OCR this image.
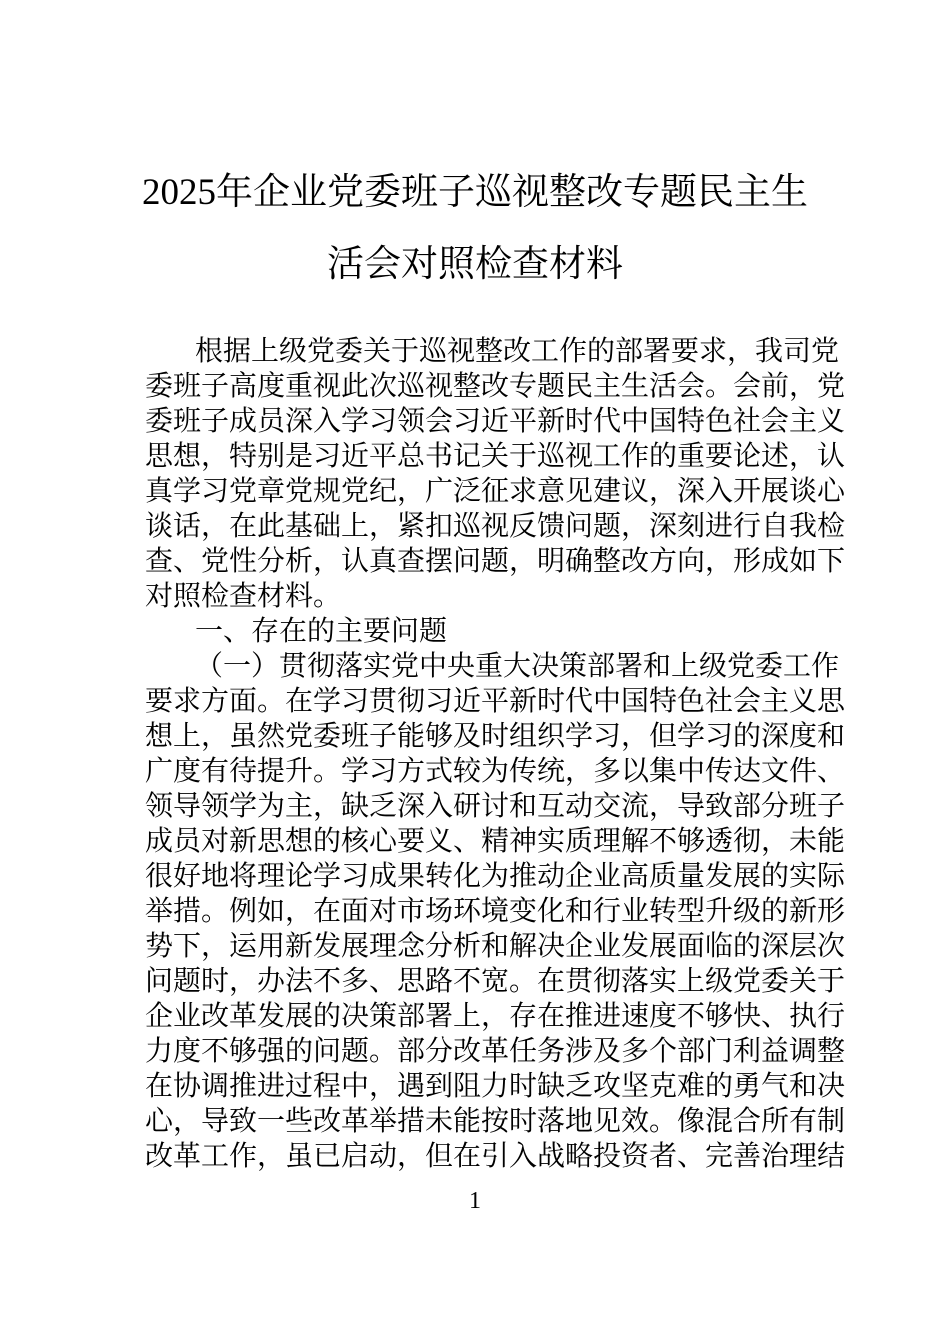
2025年企业党委班子巡视整改专题民主生
活会对照检查材料
根据上级党委关于巡视整改工作的部署要求，我司党
委班子高度重视此次巡视整改专题民主生活会。会前，党
委班子成员深入学习领会习近平新时代中国特色社会主义
思想，特别是习近平总书记关于巡视工作的重要论述，认
真学习党章党规党纪，广泛征求意见建议，深入开展谈心
谈话，在此基础上，紧扣巡视反馈问题，深刻进行自我检
查、党性分析，认真查摆问题，明确整改方向，形成如下
对照检查材料。
一、存在的主要问题
（一）贯彻落实党中央重大决策部署和上级党委工作
要求方面。在学习贯彻习近平新时代中国特色社会主义思
想上，虽然党委班子能够及时组织学习，但学习的深度和
广度有待提升。学习方式较为传统，多以集中传达文件、
领导领学为主，缺乏深入研讨和互动交流，导致部分班子
成员对新思想的核心要义、精神实质理解不够透彻，未能
很好地将理论学习成果转化为推动企业高质量发展的实际
举措。例如，在面对市场环境变化和行业转型升级的新形
势下，运用新发展理念分析和解决企业发展面临的深层次
问题时，办法不多、思路不宽。在贯彻落实上级党委关于
企业改革发展的决策部署上，存在推进速度不够快、执行
力度不够强的问题。部分改革任务涉及多个部门利益调整
在协调推进过程中，遇到阻力时缺乏攻坚克难的勇气和决
心，导致一些改革举措未能按时落地见效。像混合所有制
改革工作，虽已启动，但在引入战略投资者、完善治理结
1
